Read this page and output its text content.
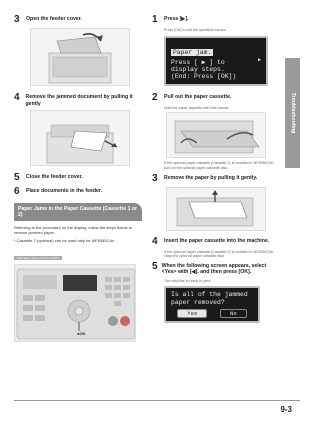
3	Open the feeder cover.
4	Remove the jammed document by pulling it gently
5	Close the feeder cover.
6	Place documents in the feeder.
Paper Jams in the Paper Cassette (Cassette 1 or 2)

Referring to the procedure on the display, follow the steps below to remove jammed paper.

* Cassette 2 (optional) can be used only for MF8350Cdn.

Operation panel of the machine
●OK
1	Press [▶].

Press [OK] to exit the operation screen.

Paper jam.
Press [ ▶ ] to
display steps.
(End: Press [OK])
▶
2	Pull out the paper cassette.

Hold the paper cassette with both hands.

If the optional paper cassette (Cassette 2) is installed in MF8350Cdn, pull out the optional paper cassette also.

3	Remove the paper by pulling it gently.
4	Insert the paper cassette into the machine.

If the optional paper cassette (Cassette 2) is installed in MF8350Cdn, close the optional paper cassette also.

5 When the following screen appears, select <Yes> with [◀], and then press [OK].

The machine is ready to print.

Is all of the jammed
paper removed?
Yes	No
Troubleshooting
9-3
